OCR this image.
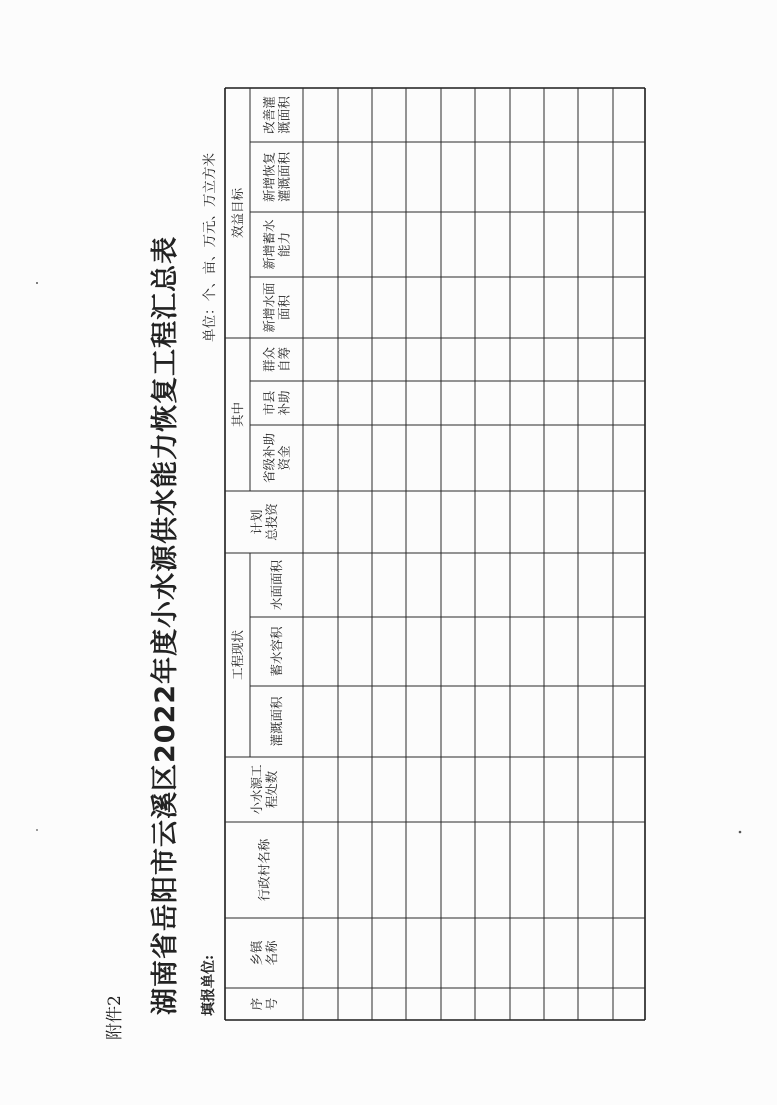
附件2
湖南省岳阳市云溪区2022年度小水源供水能力恢复工程汇总表 填报单位:
单位：个、亩、万元、万立方米
序 号
乡镇 名称
行政村名称
小水源工 程处数
工程现状
灌溉面积
蓄水容积
水面面积
计划 总投资
其中
省级补助 资金
市县 补助
群众 自筹
效益目标
新增水面 面积
新增蓄水 能力
新增恢复 灌溉面积
改善灌 溉面积
